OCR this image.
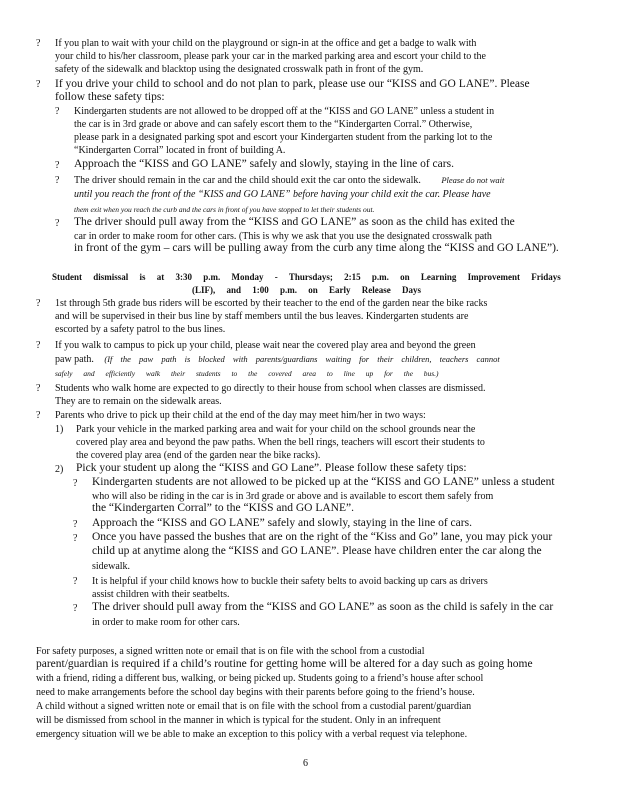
? If you plan to wait with your child on the playground or sign-in at the office and get a badge to walk with
your child to his/her classroom, please park your car in the marked parking area and escort your child to the
safety of the sidewalk and blacktop using the designated crosswalk path in front of the gym.
? If you drive your child to school and do not plan to park, please use our “KISS and GO LANE”. Please
follow these safety tips:
? Kindergarten students are not allowed to be dropped off at the “KISS and GO LANE” unless a student in
the car is in 3rd grade or above and can safely escort them to the “Kindergarten Corral.” Otherwise,
please park in a designated parking spot and escort your Kindergarten student from the parking lot to the
“Kindergarten Corral” located in front of building A.
? Approach the “KISS and GO LANE” safely and slowly, staying in the line of cars.
? The driver should remain in the car and the child should exit the car onto the sidewalk. Please do not wait
until you reach the front of the “KISS and GO LANE” before having your child exit the car. Please have
them exit when you reach the curb and the cars in front of you have stopped to let their students out.
? The driver should pull away from the “KISS and GO LANE” as soon as the child has exited the
car in order to make room for other cars. (This is why we ask that you use the designated crosswalk path
in front of the gym – cars will be pulling away from the curb any time along the “KISS and GO LANE”).
Student dismissal is at 3:30 p.m. Monday - Thursdays; 2:15 p.m. on Learning Improvement Fridays
(LIF), and 1:00 p.m. on Early Release Days
? 1st through 5th grade bus riders will be escorted by their teacher to the end of the garden near the bike racks
and will be supervised in their bus line by staff members until the bus leaves. Kindergarten students are
escorted by a safety patrol to the bus lines.
? If you walk to campus to pick up your child, please wait near the covered play area and beyond the green
paw path. (If the paw path is blocked with parents/guardians waiting for their children, teachers cannot
safely and efficiently walk their students to the covered area to line up for the bus.)
? Students who walk home are expected to go directly to their house from school when classes are dismissed.
They are to remain on the sidewalk areas.
? Parents who drive to pick up their child at the end of the day may meet him/her in two ways:
1) Park your vehicle in the marked parking area and wait for your child on the school grounds near the
covered play area and beyond the paw paths. When the bell rings, teachers will escort their students to
the covered play area (end of the garden near the bike racks).
2) Pick your student up along the “KISS and GO Lane”. Please follow these safety tips:
? Kindergarten students are not allowed to be picked up at the “KISS and GO LANE” unless a student
who will also be riding in the car is in 3rd grade or above and is available to escort them safely from
the “Kindergarten Corral” to the “KISS and GO LANE”.
? Approach the “KISS and GO LANE” safely and slowly, staying in the line of cars.
? Once you have passed the bushes that are on the right of the “Kiss and Go” lane, you may pick your
child up at anytime along the “KISS and GO LANE”. Please have children enter the car along the
sidewalk.
? It is helpful if your child knows how to buckle their safety belts to avoid backing up cars as drivers
assist children with their seatbelts.
? The driver should pull away from the “KISS and GO LANE” as soon as the child is safely in the car
in order to make room for other cars.
For safety purposes, a signed written note or email that is on file with the school from a custodial
parent/guardian is required if a child’s routine for getting home will be altered for a day such as going home
with a friend, riding a different bus, walking, or being picked up. Students going to a friend’s house after school
need to make arrangements before the school day begins with their parents before going to the friend’s house.
A child without a signed written note or email that is on file with the school from a custodial parent/guardian
will be dismissed from school in the manner in which is typical for the student. Only in an infrequent
emergency situation will we be able to make an exception to this policy with a verbal request via telephone.
6
